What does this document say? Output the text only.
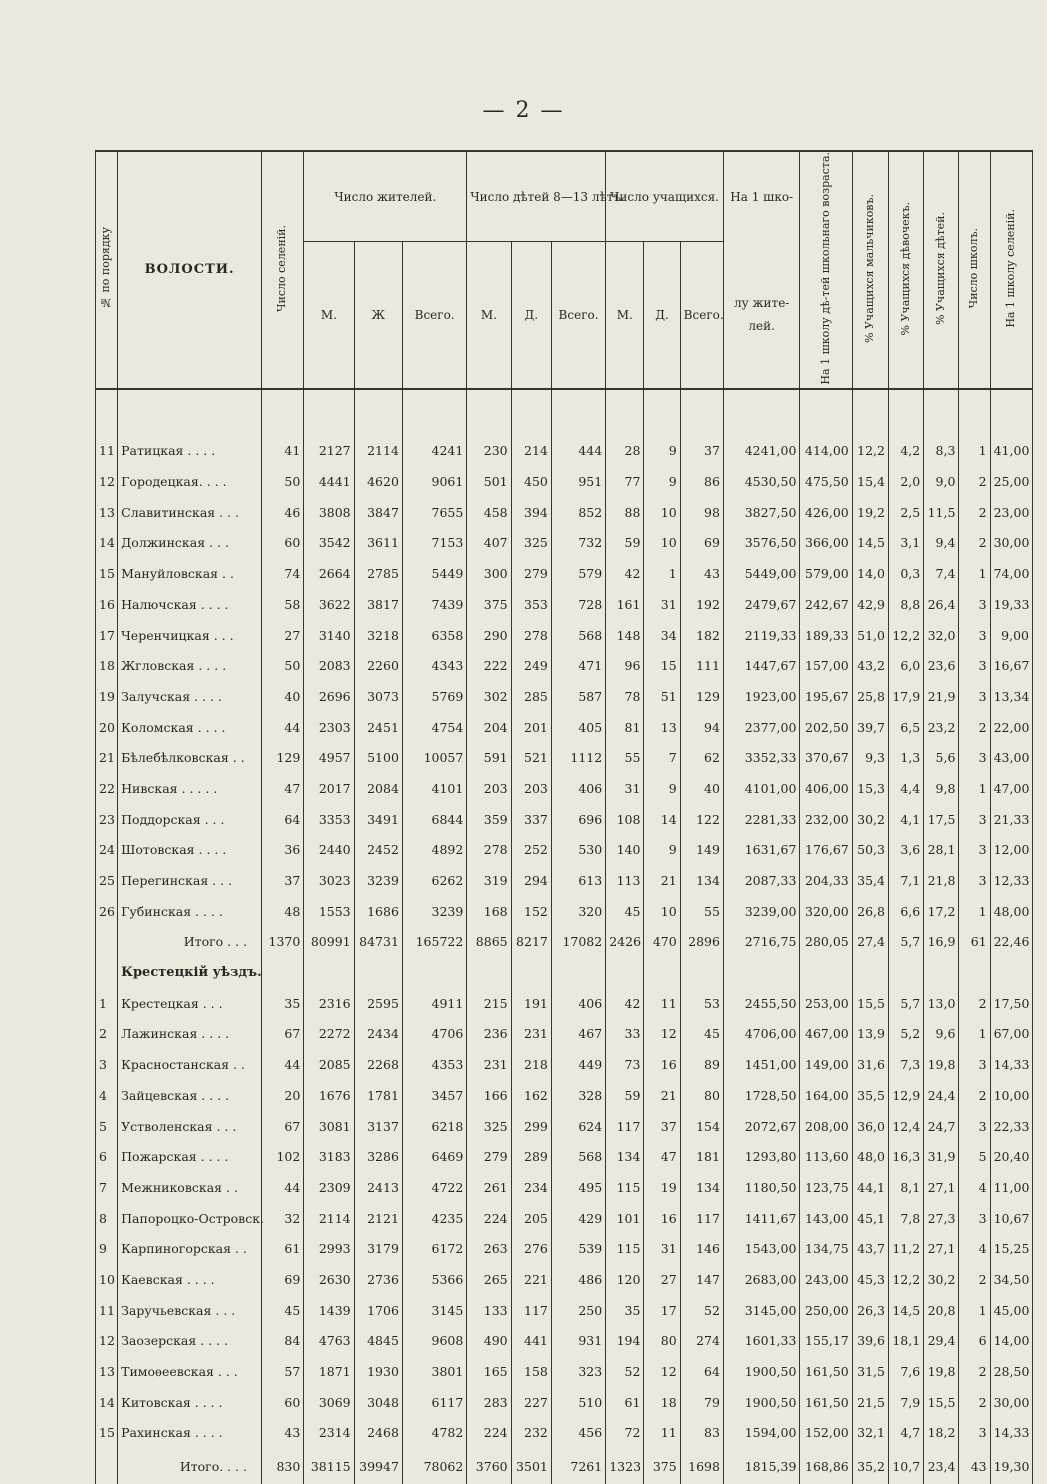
— 2 —
№ по порядку	ВОЛОСТИ.	Число селеній.	Число жителей.			Число дѣтей 8—13 лѣтъ.			Число учащихся.			На 1 шко-	На 1 школу дѣ-тей школьнаго возраста.	% Учащихся мальчиковъ.	% Учащихся дѣвочекъ.	% Учащихся дѣтей.	Число школъ.	На 1 школу селеній.
			М.	Ж	Всего.	М.	Д.	Всего.	М.	Д.	Всего.	лу жите-лей.						

11	Ратицкая . . . .	41	2127	2114	4241	230	214	444	28	9	37	4241,00	414,00	12,2	4,2	8,3	1	41,00
12	Городецкая. . . .	50	4441	4620	9061	501	450	951	77	9	86	4530,50	475,50	15,4	2,0	9,0	2	25,00
13	Славитинская . . .	46	3808	3847	7655	458	394	852	88	10	98	3827,50	426,00	19,2	2,5	11,5	2	23,00
14	Должинская . . .	60	3542	3611	7153	407	325	732	59	10	69	3576,50	366,00	14,5	3,1	9,4	2	30,00
15	Мануйловская . .	74	2664	2785	5449	300	279	579	42	1	43	5449,00	579,00	14,0	0,3	7,4	1	74,00
16	Налючская . . . .	58	3622	3817	7439	375	353	728	161	31	192	2479,67	242,67	42,9	8,8	26,4	3	19,33
17	Черенчицкая . . .	27	3140	3218	6358	290	278	568	148	34	182	2119,33	189,33	51,0	12,2	32,0	3	9,00
18	Жгловская . . . .	50	2083	2260	4343	222	249	471	96	15	111	1447,67	157,00	43,2	6,0	23,6	3	16,67
19	Залучская . . . .	40	2696	3073	5769	302	285	587	78	51	129	1923,00	195,67	25,8	17,9	21,9	3	13,34
20	Коломская . . . .	44	2303	2451	4754	204	201	405	81	13	94	2377,00	202,50	39,7	6,5	23,2	2	22,00
21	Бѣлебѣлковская . .	129	4957	5100	10057	591	521	1112	55	7	62	3352,33	370,67	9,3	1,3	5,6	3	43,00
22	Нивская . . . . .	47	2017	2084	4101	203	203	406	31	9	40	4101,00	406,00	15,3	4,4	9,8	1	47,00
23	Поддорская . . .	64	3353	3491	6844	359	337	696	108	14	122	2281,33	232,00	30,2	4,1	17,5	3	21,33
24	Шотовская . . . .	36	2440	2452	4892	278	252	530	140	9	149	1631,67	176,67	50,3	3,6	28,1	3	12,00
25	Перегинская . . .	37	3023	3239	6262	319	294	613	113	21	134	2087,33	204,33	35,4	7,1	21,8	3	12,33
26	Губинская . . . .	48	1553	1686	3239	168	152	320	45	10	55	3239,00	320,00	26,8	6,6	17,2	1	48,00
	Итого . . .	1370	80991	84731	165722	8865	8217	17082	2426	470	2896	2716,75	280,05	27,4	5,7	16,9	61	22,46
	Крестецкій уѣздъ.																	
1	Крестецкая . . .	35	2316	2595	4911	215	191	406	42	11	53	2455,50	253,00	15,5	5,7	13,0	2	17,50
2	Лажинская . . . .	67	2272	2434	4706	236	231	467	33	12	45	4706,00	467,00	13,9	5,2	9,6	1	67,00
3	Красностанская . .	44	2085	2268	4353	231	218	449	73	16	89	1451,00	149,00	31,6	7,3	19,8	3	14,33
4	Зайцевская . . . .	20	1676	1781	3457	166	162	328	59	21	80	1728,50	164,00	35,5	12,9	24,4	2	10,00
5	Устволенская . . .	67	3081	3137	6218	325	299	624	117	37	154	2072,67	208,00	36,0	12,4	24,7	3	22,33
6	Пожарская . . . .	102	3183	3286	6469	279	289	568	134	47	181	1293,80	113,60	48,0	16,3	31,9	5	20,40
7	Межниковская . .	44	2309	2413	4722	261	234	495	115	19	134	1180,50	123,75	44,1	8,1	27,1	4	11,00
8	Папороцко-Островск.	32	2114	2121	4235	224	205	429	101	16	117	1411,67	143,00	45,1	7,8	27,3	3	10,67
9	Карпиногорская . .	61	2993	3179	6172	263	276	539	115	31	146	1543,00	134,75	43,7	11,2	27,1	4	15,25
10	Каевская . . . .	69	2630	2736	5366	265	221	486	120	27	147	2683,00	243,00	45,3	12,2	30,2	2	34,50
11	Заручьевская . . .	45	1439	1706	3145	133	117	250	35	17	52	3145,00	250,00	26,3	14,5	20,8	1	45,00
12	Заозерская . . . .	84	4763	4845	9608	490	441	931	194	80	274	1601,33	155,17	39,6	18,1	29,4	6	14,00
13	Тимоѳеевская . . .	57	1871	1930	3801	165	158	323	52	12	64	1900,50	161,50	31,5	7,6	19,8	2	28,50
14	Китовская . . . .	60	3069	3048	6117	283	227	510	61	18	79	1900,50	161,50	21,5	7,9	15,5	2	30,00
15	Рахинская . . . .	43	2314	2468	4782	224	232	456	72	11	83	1594,00	152,00	32,1	4,7	18,2	3	14,33
	Итого. . . .	830	38115	39947	78062	3760	3501	7261	1323	375	1698	1815,39	168,86	35,2	10,7	23,4	43	19,30
